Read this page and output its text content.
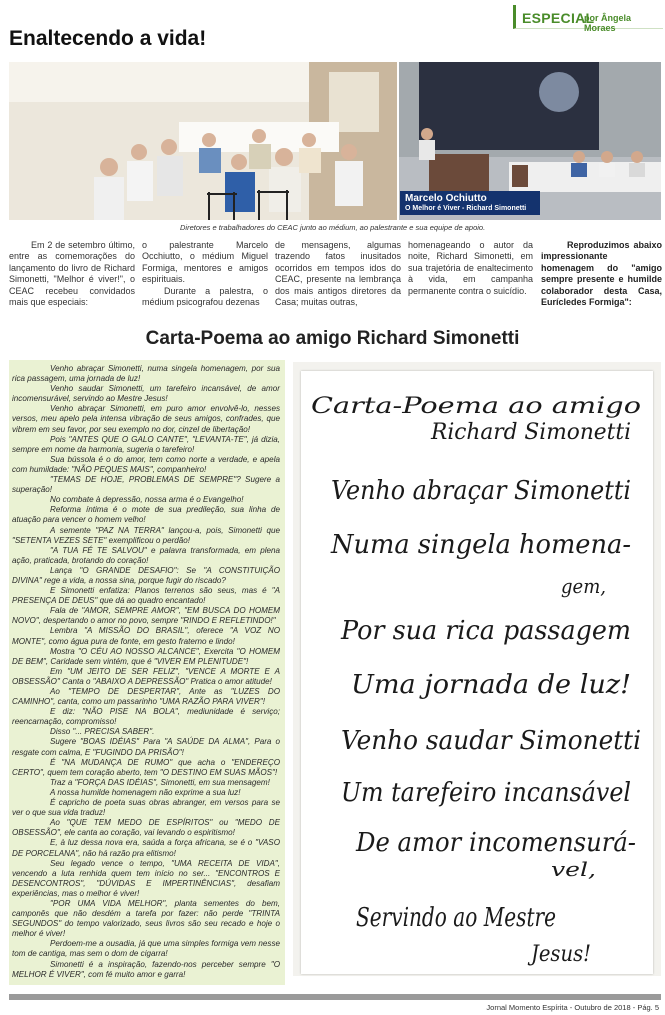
ESPECIAL
por Ângela Moraes
Enaltecendo a vida!
Marcelo Ochiutto
O Melhor é Viver - Richard Simonetti
Diretores e trabalhadores do CEAC junto ao médium, ao palestrante e sua equipe de apoio.

Em 2 de setembro último, entre as comemorações do lançamento do livro de Richard Simonetti, "Melhor é viver!", o CEAC recebeu convidados mais que especiais:

o palestrante Marcelo Occhiutto, o médium Miguel Formiga, mentores e amigos espirituais.

Durante a palestra, o médium psicografou dezenas

de mensagens, algumas trazendo fatos inusitados ocorridos em tempos idos do CEAC, presente na lembrança dos mais antigos diretores da Casa; muitas outras,

homenageando o autor da noite, Richard Simonetti, em sua trajetória de enaltecimento à vida, em campanha permanente contra o suicídio.

Reproduzimos abaixo impressionante homenagem do "amigo sempre presente e humilde colaborador desta Casa, Eurícledes Formiga":

Carta-Poema ao amigo Richard Simonetti

Venho abraçar Simonetti, numa singela homenagem, por sua rica passagem, uma jornada de luz!

Venho saudar Simonetti, um tarefeiro incansável, de amor incomensurável, servindo ao Mestre Jesus!

Venho abraçar Simonetti, em puro amor envolvê-lo, nesses versos, meu apelo pela intensa vibração de seus amigos, confrades, que vibrem em seu favor, por seu exemplo no dor, cinzel de libertação!

Pois "ANTES QUE O GALO CANTE", "LEVANTA-TE", já dizia, sempre em nome da harmonia, sugeria o tarefeiro!

Sua bússola é o do amor, tem como norte a verdade, e apela com humildade: "NÃO PEQUES MAIS", companheiro!

"TEMAS DE HOJE, PROBLEMAS DE SEMPRE"? Sugere a superação!

No combate à depressão, nossa arma é o Evangelho!

Reforma íntima é o mote de sua predileção, sua linha de atuação para vencer o homem velho!

A semente "PAZ NA TERRA" lançou-a, pois, Simonetti que "SETENTA VEZES SETE" exemplificou o perdão!

"A TUA FÉ TE SALVOU" e palavra transformada, em plena ação, praticada, brotando do coração!

Lança "O GRANDE DESAFIO": Se "A CONSTITUIÇÃO DIVINA" rege a vida, a nossa sina, porque fugir do riscado?

E Simonetti enfatiza: Planos terrenos são seus, mas é "A PRESENÇA DE DEUS" que dá ao quadro encantado!

Fala de "AMOR, SEMPRE AMOR", "EM BUSCA DO HOMEM NOVO", despertando o amor no povo, sempre "RINDO E REFLETINDO!"

Lembra "A MISSÃO DO BRASIL", oferece "A VOZ NO MONTE", como água pura de fonte, em gesto fraterno e lindo!

Mostra "O CÉU AO NOSSO ALCANCE", Exercita "O HOMEM DE BEM", Caridade sem vintém, que é "VIVER EM PLENITUDE"!

Em "UM JEITO DE SER FELIZ", "VENCE A MORTE E A OBSESSÃO" Canta o "ABAIXO A DEPRESSÃO" Pratica o amor atitude!

Ao "TEMPO DE DESPERTAR", Ante as "LUZES DO CAMINHO", canta, como um passarinho "UMA RAZÃO PARA VIVER"!

E diz: "NÃO PISE NA BOLA", mediunidade é serviço; reencarnação, compromisso!

Disso "... PRECISA SABER".

Sugere "BOAS IDÉIAS" Para "A SAÚDE DA ALMA", Para o resgate com calma, E "FUGINDO DA PRISÃO"!

É "NA MUDANÇA DE RUMO" que acha o "ENDEREÇO CERTO", quem tem coração aberto, tem "O DESTINO EM SUAS MÃOS"!

Traz a "FORÇA DAS IDÉIAS", Simonetti, em sua mensagem!

A nossa humilde homenagem não exprime a sua luz!

É capricho de poeta suas obras abranger, em versos para se ver o que sua vida traduz!

Ao "QUE TEM MEDO DE ESPÍRITOS" ou "MEDO DE OBSESSÃO", ele canta ao coração, vai levando o espiritismo!

E, à luz dessa nova era, saúda a força africana, se é o "VASO DE PORCELANA", não há razão pra elitismo!

Seu legado vence o tempo, "UMA RECEITA DE VIDA", vencendo a luta renhida quem tem início no ser... "ENCONTROS E DESENCONTROS", "DÚVIDAS E IMPERTINÊNCIAS", desafiam experiências, mas o melhor é viver!

"POR UMA VIDA MELHOR", planta sementes do bem, camponês que não desdém a tarefa por fazer: não perde "TRINTA SEGUNDOS" do tempo valorizado, seus livros são seu recado e hoje o melhor é viver!

Perdoem-me a ousadia, já que uma simples formiga vem nesse tom de cantiga, mas sem o dom de cigarra!

Simonetti é a inspiração, fazendo-nos perceber sempre "O MELHOR É VIVER", com fé muito amor e garra!

Carta-Poema ao amigo
Richard Simonetti
Venho abraçar Simonetti
Numa singela homena-
gem,
Por sua rica passagem
Uma jornada de luz!
Venho saudar Simonetti
Um tarefeiro incansável
De amor incomensurá-
vel,
Servindo ao Mestre
Jesus!
Jornal Momento Espírita - Outubro de 2018 - Pág. 5
